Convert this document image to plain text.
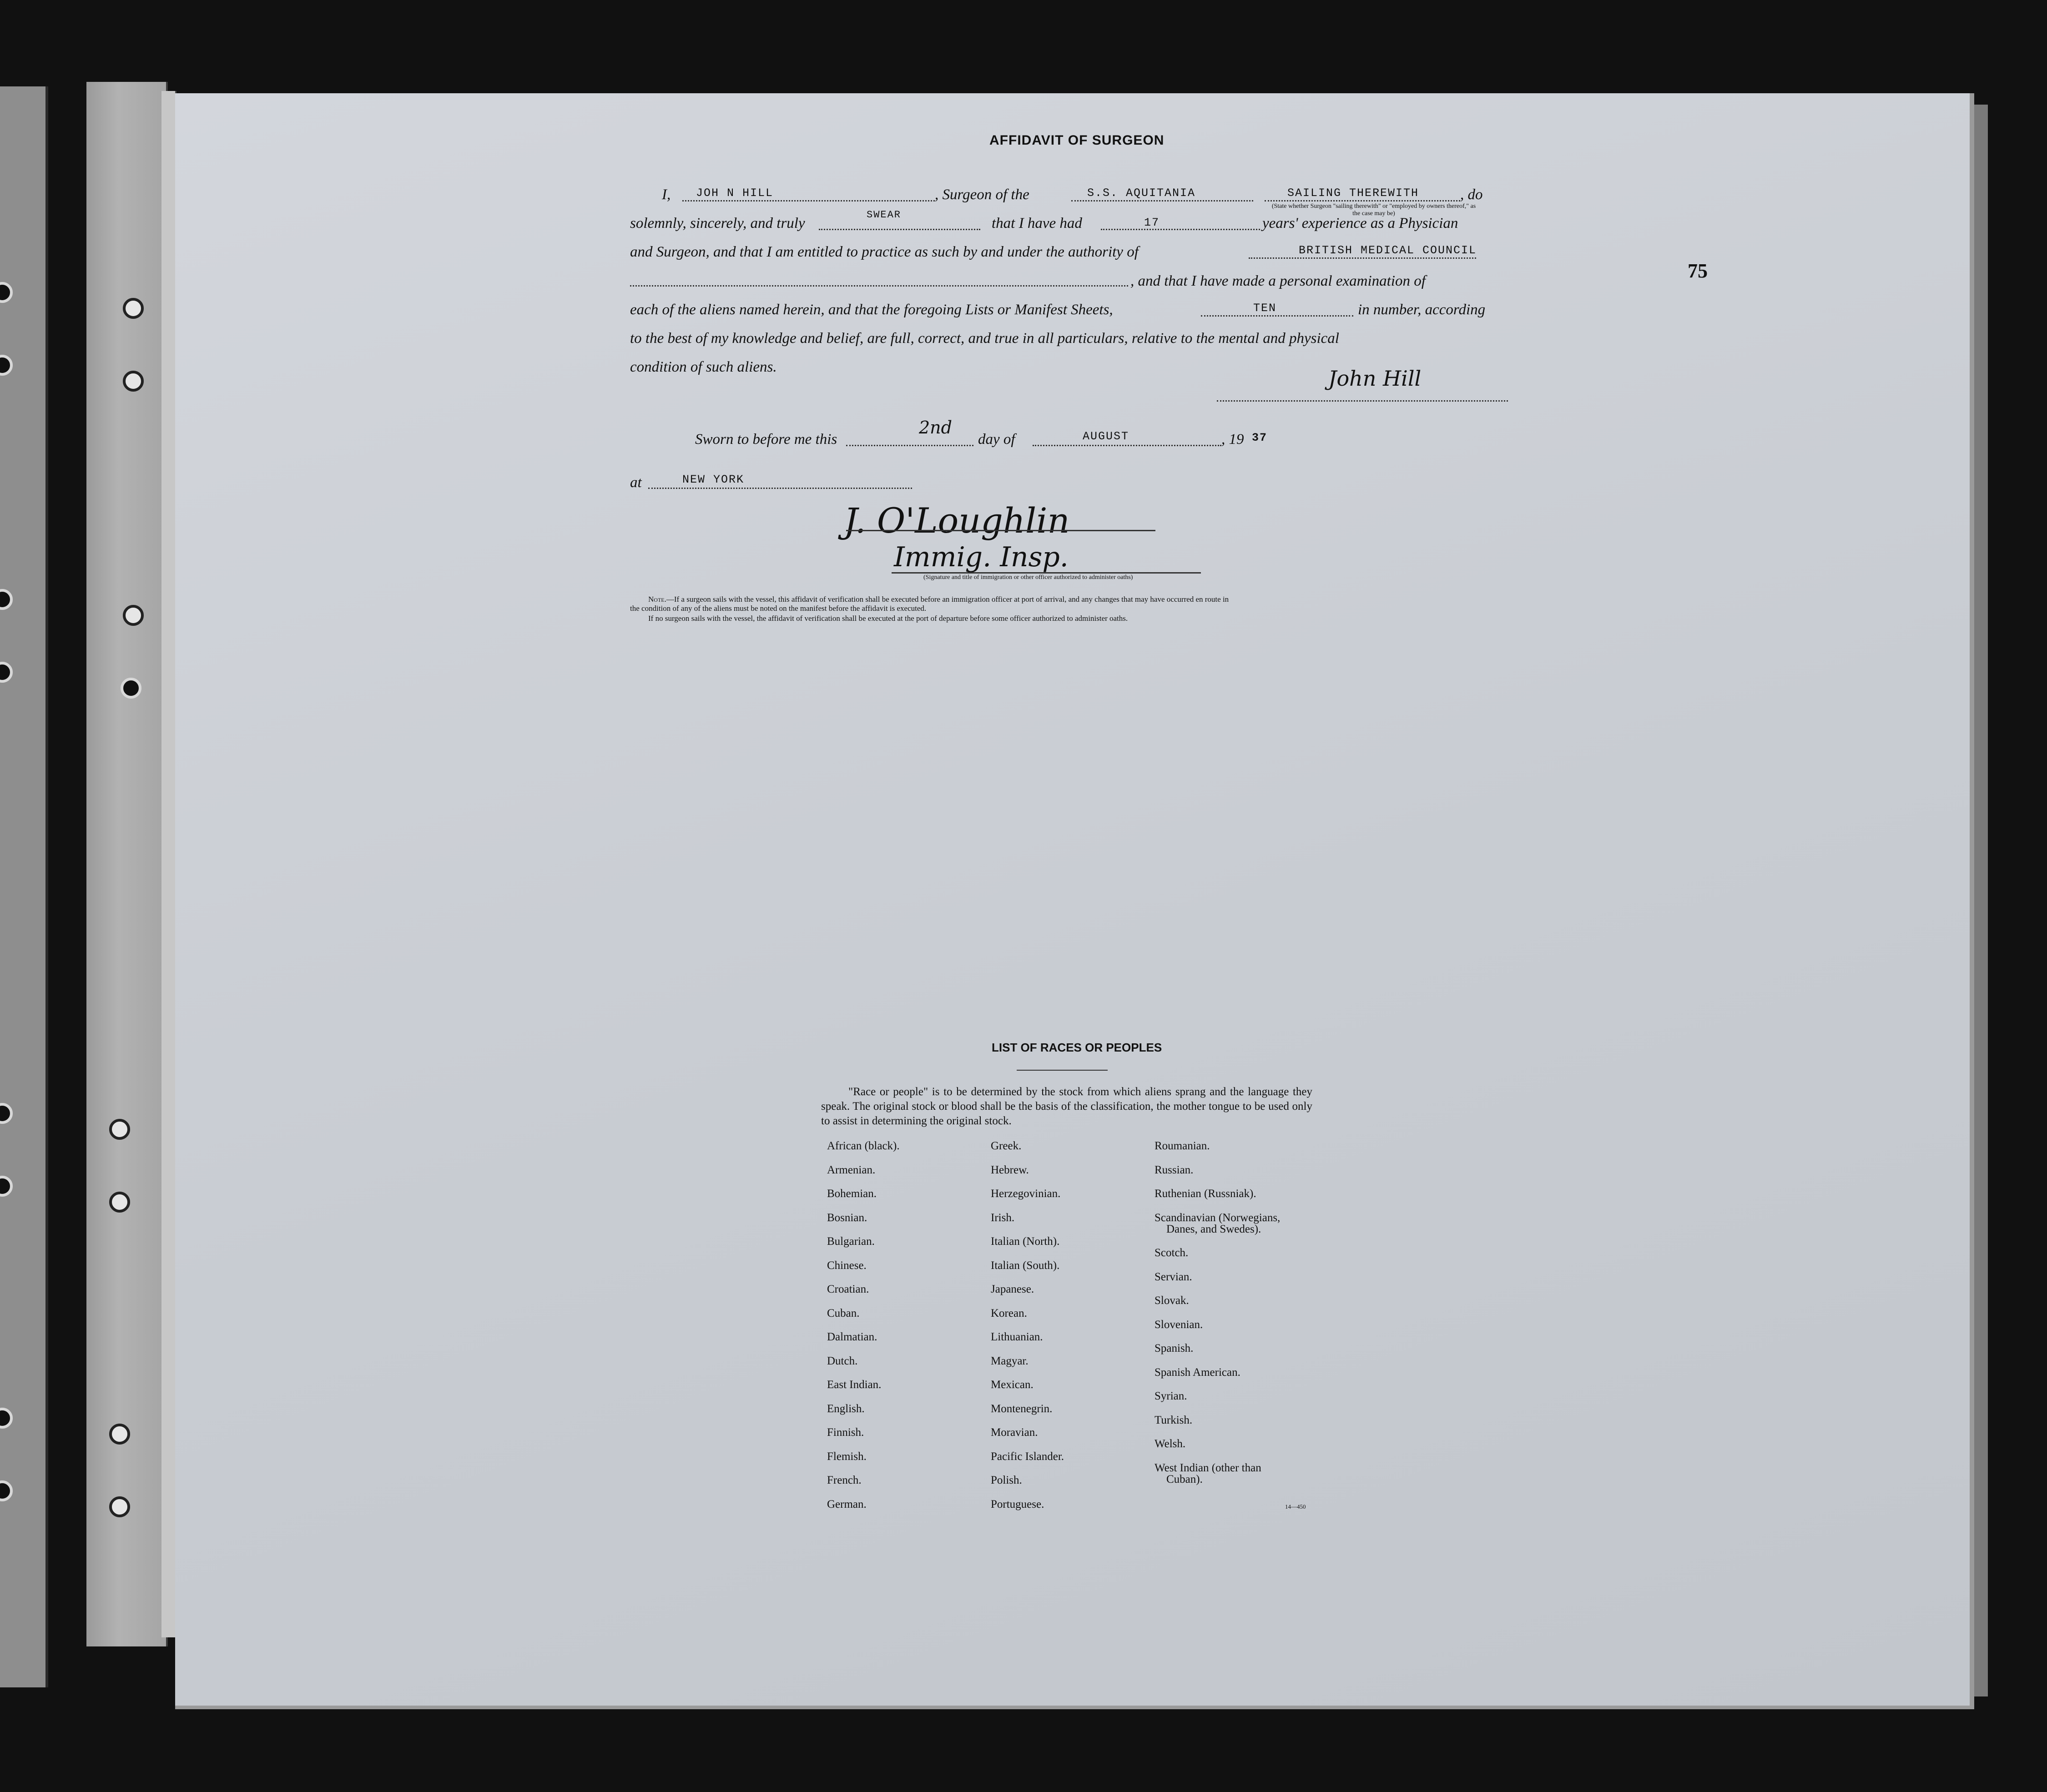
75
AFFIDAVIT OF SURGEON
I, JOH N HILL	, Surgeon of the	S.S. AQUITANIA	SAILING THEREWITH	, do
(State whether Surgeon "sailing therewith" or "employed by owners thereof," as the case may be)
solemnly, sincerely, and truly
SWEAR
that I have had	17	years' experience as a Physician
and Surgeon, and that I am entitled to practice as such by and under the authority of	BRITISH MEDICAL COUNCIL
, and that I have made a personal examination of
each of the aliens named herein, and that the foregoing Lists or Manifest Sheets,	TEN	in number, according
to the best of my knowledge and belief, are full, correct, and true in all particulars, relative to the mental and physical
condition of such aliens.	John Hill
Sworn to before me this
2nd
day of	AUGUST	, 19 37
at	NEW YORK
J. O'Loughlin
Immig. Insp.
(Signature and title of immigration or other officer authorized to administer oaths)
Note.—If a surgeon sails with the vessel, this affidavit of verification shall be executed before an immigration officer at port of arrival, and any changes that may have occurred en route in
the condition of any of the aliens must be noted on the manifest before the affidavit is executed.
If no surgeon sails with the vessel, the affidavit of verification shall be executed at the port of departure before some officer authorized to administer oaths.
LIST OF RACES OR PEOPLES
"Race or people" is to be determined by the stock from which aliens sprang and the language they speak. The original stock or blood shall be the basis of the classification, the mother tongue to be used only to assist in determining the original stock.
African (black).
Armenian.
Bohemian.
Bosnian.
Bulgarian.
Chinese.
Croatian.
Cuban.
Dalmatian.
Dutch.
East Indian.
English.
Finnish.
Flemish.
French.
German.
Greek.
Hebrew.
Herzegovinian.
Irish.
Italian (North).
Italian (South).
Japanese.
Korean.
Lithuanian.
Magyar.
Mexican.
Montenegrin.
Moravian.
Pacific Islander.
Polish.
Portuguese.
Roumanian.
Russian.
Ruthenian (Russniak).
Scandinavian (Norwegians,
Danes, and Swedes).
Scotch.
Servian.
Slovak.
Slovenian.
Spanish.
Spanish American.
Syrian.
Turkish.
Welsh.
West Indian (other than
Cuban).
14—450
